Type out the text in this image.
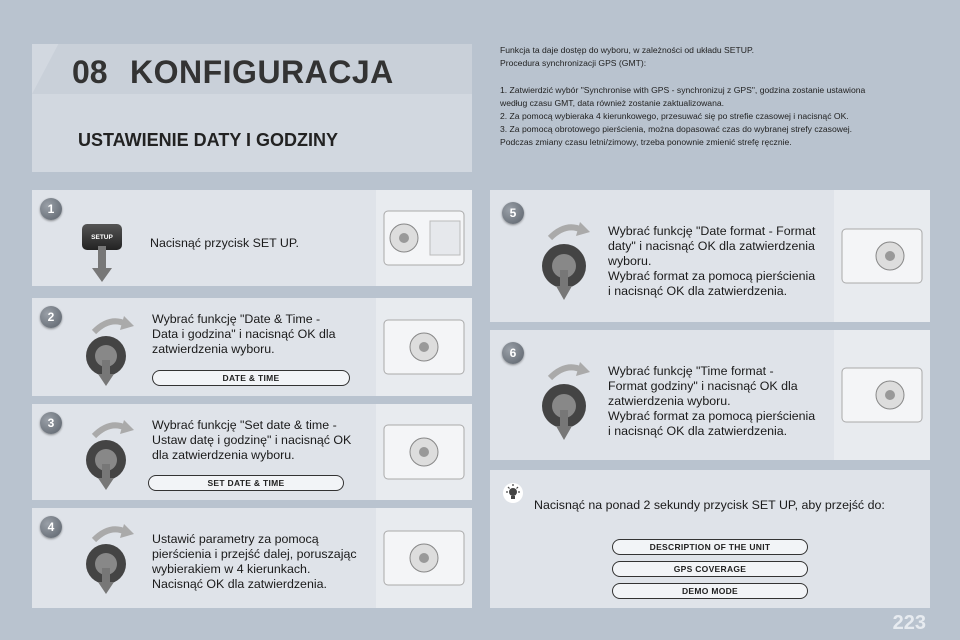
08 KONFIGURACJA
USTAWIENIE DATY I GODZINY

Funkcja ta daje dostęp do wyboru, w zależności od układu SETUP.

Procedura synchronizacji GPS (GMT):

1. Zatwierdzić wybór "Synchronise with GPS - synchronizuj z GPS", godzina zostanie ustawiona

według czasu GMT, data również zostanie zaktualizowana.

2. Za pomocą wybieraka 4 kierunkowego, przesuwać się po strefie czasowej i nacisnąć OK.

3. Za pomocą obrotowego pierścienia, można dopasować czas do wybranej strefy czasowej.

Podczas zmiany czasu letni/zimowy, trzeba ponownie zmienić strefę ręcznie.

1
SETUP	Nacisnąć przycisk SET UP.
2	Wybrać funkcję "Date & Time -
Data i godzina" i nacisnąć OK dla
zatwierdzenia wyboru.
DATE & TIME
3	Wybrać funkcję "Set date & time -
Ustaw datę i godzinę" i nacisnąć OK
dla zatwierdzenia wyboru.
SET DATE & TIME
4
Ustawić parametry za pomocą
pierścienia i przejść dalej, poruszając
wybierakiem w 4 kierunkach.
Nacisnąć OK dla zatwierdzenia.
5
Wybrać funkcję "Date format - Format
daty" i nacisnąć OK dla zatwierdzenia
wyboru.
Wybrać format za pomocą pierścienia
i nacisnąć OK dla zatwierdzenia.
6
Wybrać funkcję "Time format -
Format godziny" i nacisnąć OK dla
zatwierdzenia wyboru.
Wybrać format za pomocą pierścienia
i nacisnąć OK dla zatwierdzenia.
Nacisnąć na ponad 2 sekundy przycisk SET UP, aby przejść do:
DESCRIPTION OF THE UNIT
GPS COVERAGE
DEMO MODE
223
